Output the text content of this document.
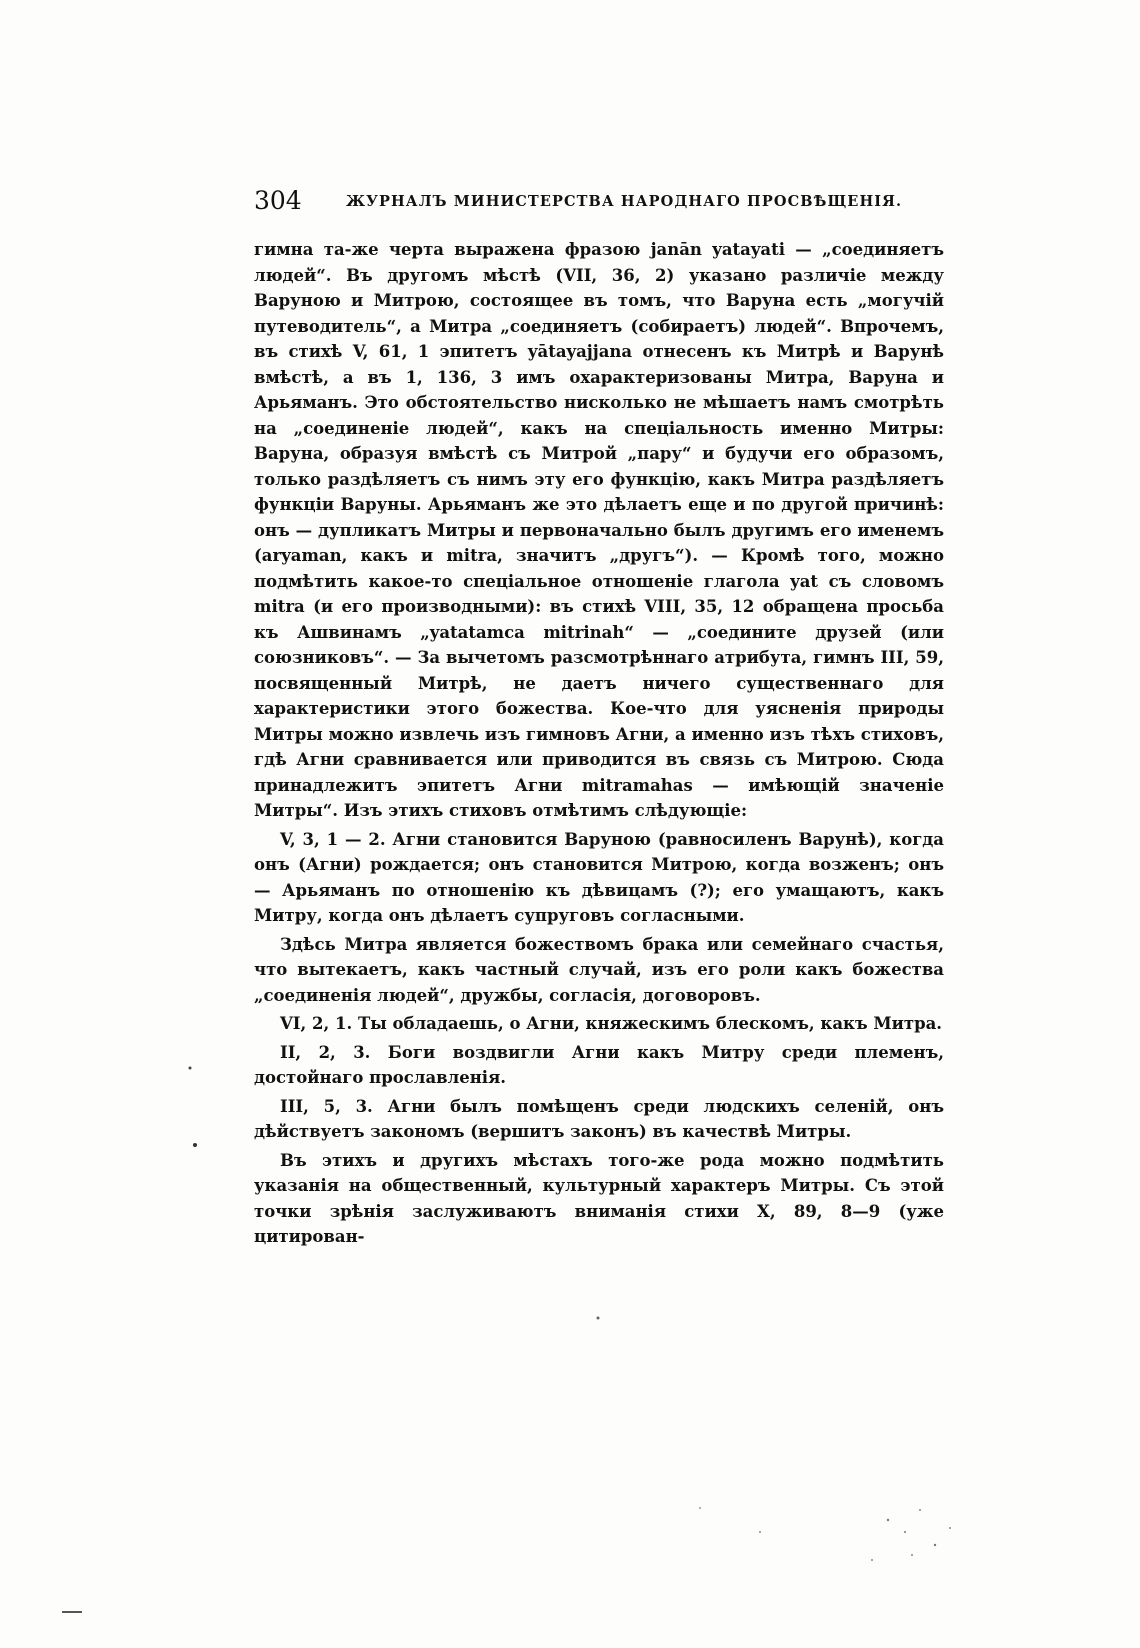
304	ЖУРНАЛЪ МИНИСТЕРСТВА НАРОДНАГО ПРОСВѢЩЕНІЯ.

гимна та-же черта выражена фразою janān yatayati — „соединяетъ людей“. Въ другомъ мѣстѣ (VII, 36, 2) указано различіе между Варуною и Митрою, состоящее въ томъ, что Варуна есть „могучій путеводитель“, а Митра „соединяетъ (собираетъ) людей“. Впрочемъ, въ стихѣ V, 61, 1 эпитетъ yātayajjana отнесенъ къ Митрѣ и Варунѣ вмѣстѣ, а въ 1, 136, 3 имъ охарактеризованы Митра, Варуна и Арьяманъ. Это обстоятельство нисколько не мѣшаетъ намъ смотрѣть на „соединеніе людей“, какъ на спеціальность именно Митры: Варуна, образуя вмѣстѣ съ Митрой „пару“ и будучи его образомъ, только раздѣляетъ съ нимъ эту его функцію, какъ Митра раздѣляетъ функціи Варуны. Арьяманъ же это дѣлаетъ еще и по другой причинѣ: онъ — дупликатъ Митры и первоначально былъ другимъ его именемъ (aryaman, какъ и mitra, значитъ „другъ“). — Кромѣ того, можно подмѣтить какое-то спеціальное отношеніе глагола yat съ словомъ mitra (и его производными): въ стихѣ VIII, 35, 12 обращена просьба къ Ашвинамъ „yatatamca mitrinah“ — „соедините друзей (или союзниковъ“. — За вычетомъ разсмотрѣннаго атрибута, гимнъ III, 59, посвященный Митрѣ, не даетъ ничего существеннаго для характеристики этого божества. Кое-что для уясненія природы Митры можно извлечь изъ гимновъ Агни, а именно изъ тѣхъ стиховъ, гдѣ Агни сравнивается или приводится въ связь съ Митрою. Сюда принадлежитъ эпитетъ Агни mitramahas — имѣющій значеніе Митры“. Изъ этихъ стиховъ отмѣтимъ слѣдующіе:

V, 3, 1 — 2. Агни становится Варуною (равносиленъ Варунѣ), когда онъ (Агни) рождается; онъ становится Митрою, когда возженъ; онъ — Арьяманъ по отношенію къ дѣвицамъ (?); его умащаютъ, какъ Митру, когда онъ дѣлаетъ супруговъ согласными.

Здѣсь Митра является божествомъ брака или семейнаго счастья, что вытекаетъ, какъ частный случай, изъ его роли какъ божества „соединенія людей“, дружбы, согласія, договоровъ.

VI, 2, 1. Ты обладаешь, о Агни, княжескимъ блескомъ, какъ Митра.

II, 2, 3. Боги воздвигли Агни какъ Митру среди племенъ, достойнаго прославленія.

III, 5, 3. Агни былъ помѣщенъ среди людскихъ селеній, онъ дѣйствуетъ закономъ (вершитъ законъ) въ качествѣ Митры.

Въ этихъ и другихъ мѣстахъ того-же рода можно подмѣтить указанія на общественный, культурный характеръ Митры. Съ этой точки зрѣнія заслуживаютъ вниманія стихи X, 89, 8—9 (уже цитирован-
